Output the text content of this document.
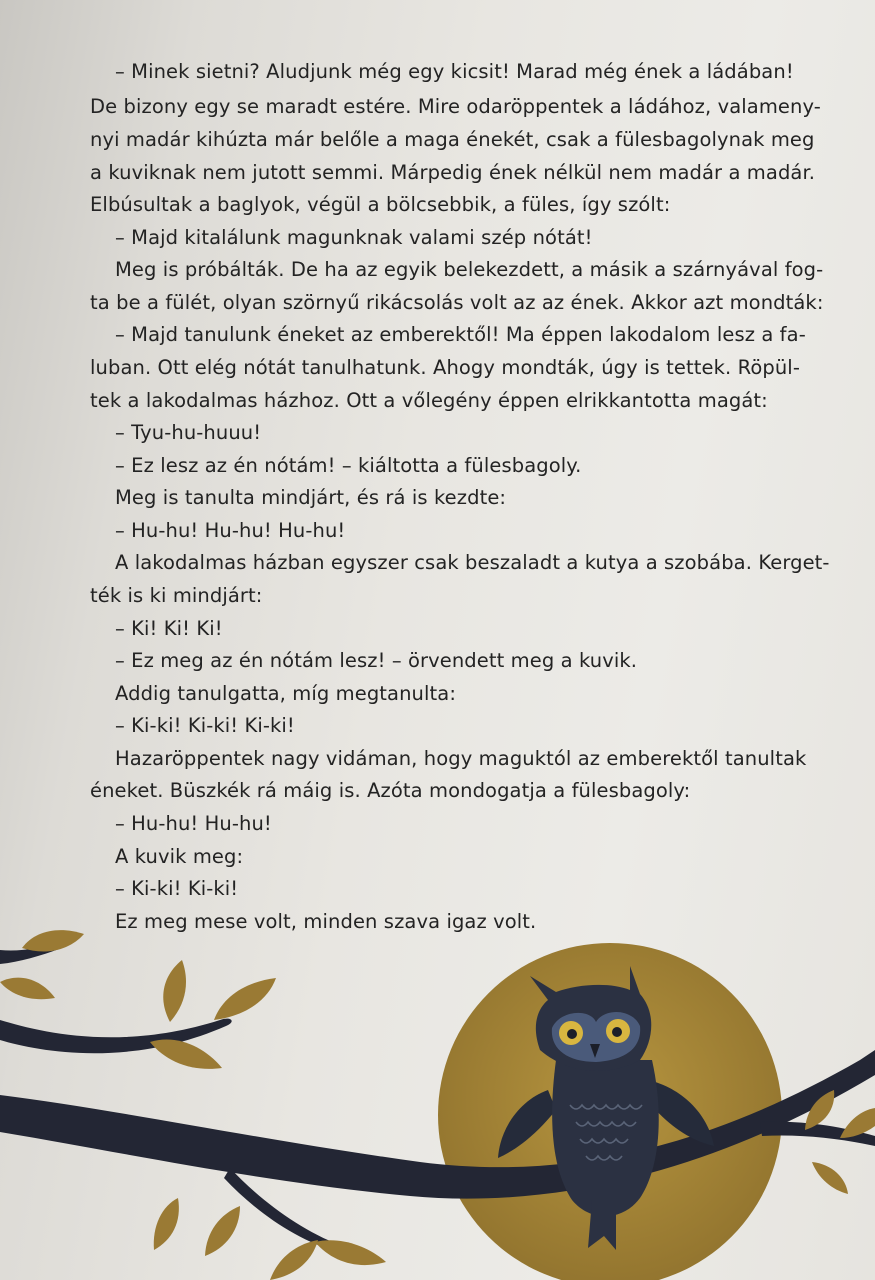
– Minek sietni? Aludjunk még egy kicsit! Marad még ének a ládában!
De bizony egy se maradt estére. Mire odaröppentek a ládához, valameny-
nyi madár kihúzta már belőle a maga énekét, csak a fülesbagolynak meg
a kuviknak nem jutott semmi. Márpedig ének nélkül nem madár a madár.
Elbúsultak a baglyok, végül a bölcsebbik, a füles, így szólt:
– Majd kitalálunk magunknak valami szép nótát!
Meg is próbálták. De ha az egyik belekezdett, a másik a szárnyával fog-
ta be a fülét, olyan szörnyű rikácsolás volt az az ének. Akkor azt mondták:
– Majd tanulunk éneket az emberektől! Ma éppen lakodalom lesz a fa-
luban. Ott elég nótát tanulhatunk. Ahogy mondták, úgy is tettek. Röpül-
tek a lakodalmas házhoz. Ott a vőlegény éppen elrikkantotta magát:
– Tyu-hu-huuu!
– Ez lesz az én nótám! – kiáltotta a fülesbagoly.
Meg is tanulta mindjárt, és rá is kezdte:
– Hu-hu! Hu-hu! Hu-hu!
A lakodalmas házban egyszer csak beszaladt a kutya a szobába. Kerget-
ték is ki mindjárt:
– Ki! Ki! Ki!
– Ez meg az én nótám lesz! – örvendett meg a kuvik.
Addig tanulgatta, míg megtanulta:
– Ki-ki! Ki-ki! Ki-ki!
Hazaröppentek nagy vidáman, hogy maguktól az emberektől tanultak
éneket. Büszkék rá máig is. Azóta mondogatja a fülesbagoly:
– Hu-hu! Hu-hu!
A kuvik meg:
– Ki-ki! Ki-ki!
Ez meg mese volt, minden szava igaz volt.
